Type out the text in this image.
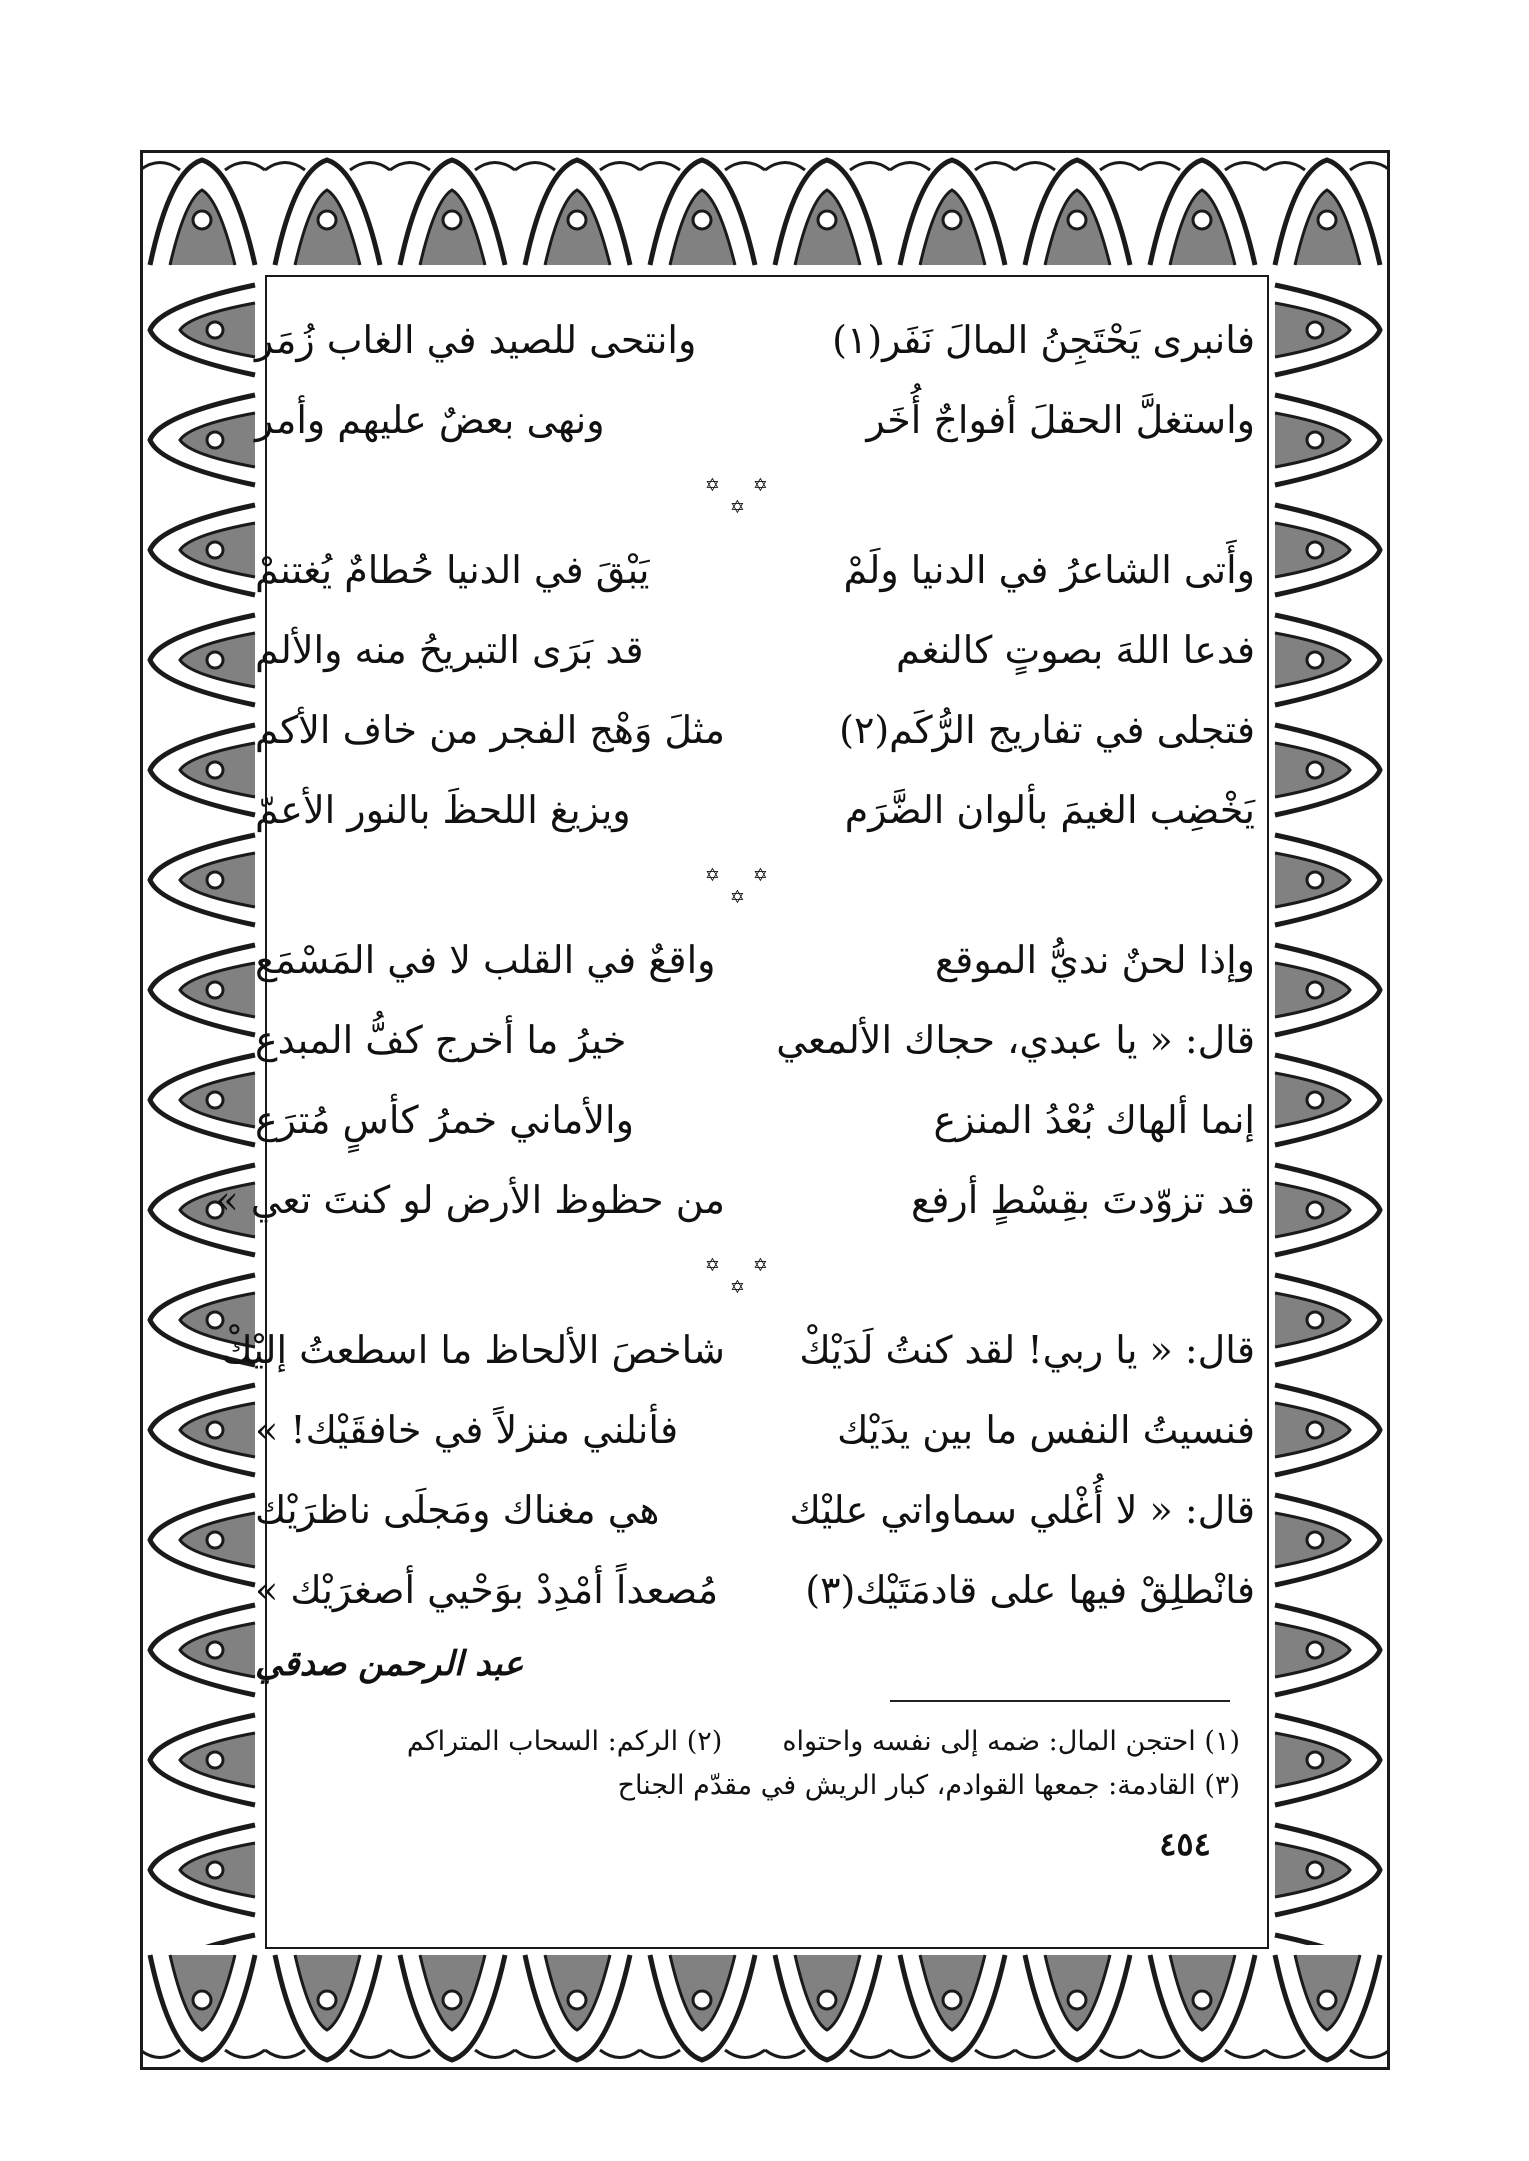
فانبرى يَحْتَجِنُ المالَ نَفَر(١)
وانتحى للصيد في الغاب زُمَر
واستغلَّ الحقلَ أفواجٌ أُخَر
ونهى بعضٌ عليهم وأمر
✡
✡
✡
وأَتى الشاعرُ في الدنيا ولَمْ
يَبْقَ في الدنيا حُطامٌ يُغتنمْ
فدعا اللهَ بصوتٍ كالنغم
قد بَرَى التبريحُ منه والألم
فتجلى في تفاريج الرُّكَم(٢)
مثلَ وَهْج الفجر من خاف الأكم
يَخْضِب الغيمَ بألوان الضَّرَم
ويزيغ اللحظَ بالنور الأعمّ
✡
✡
✡
وإذا لحنٌ نديُّ الموقع
واقعٌ في القلب لا في المَسْمَع
قال: « يا عبدي، حجاك الألمعي
خيرُ ما أخرج كفُّ المبدع
إنما ألهاك بُعْدُ المنزع
والأماني خمرُ كأسٍ مُترَع
قد تزوّدتَ بقِسْطٍ أرفع
من حظوظ الأرض لو كنتَ تعي »
✡
✡
✡
قال: « يا ربي! لقد كنتُ لَدَيْكْ
شاخصَ الألحاظ ما اسطعتُ إليْكْ
فنسيتُ النفس ما بين يدَيْك
فأنلني منزلاً في خافقَيْك! »
قال: « لا أُغْلي سماواتي عليْك
هي مغناك ومَجلَى ناظرَيْك
فانْطلِقْ فيها على قادمَتَيْك(٣)
مُصعداً أمْدِدْ بوَحْيي أصغرَيْك »
عبد الرحمن صدقي
(١) احتجن المال: ضمه إلى نفسه واحتواه
(٢) الركم: السحاب المتراكم
(٣) القادمة: جمعها القوادم، كبار الريش في مقدّم الجناح
٤٥٤
